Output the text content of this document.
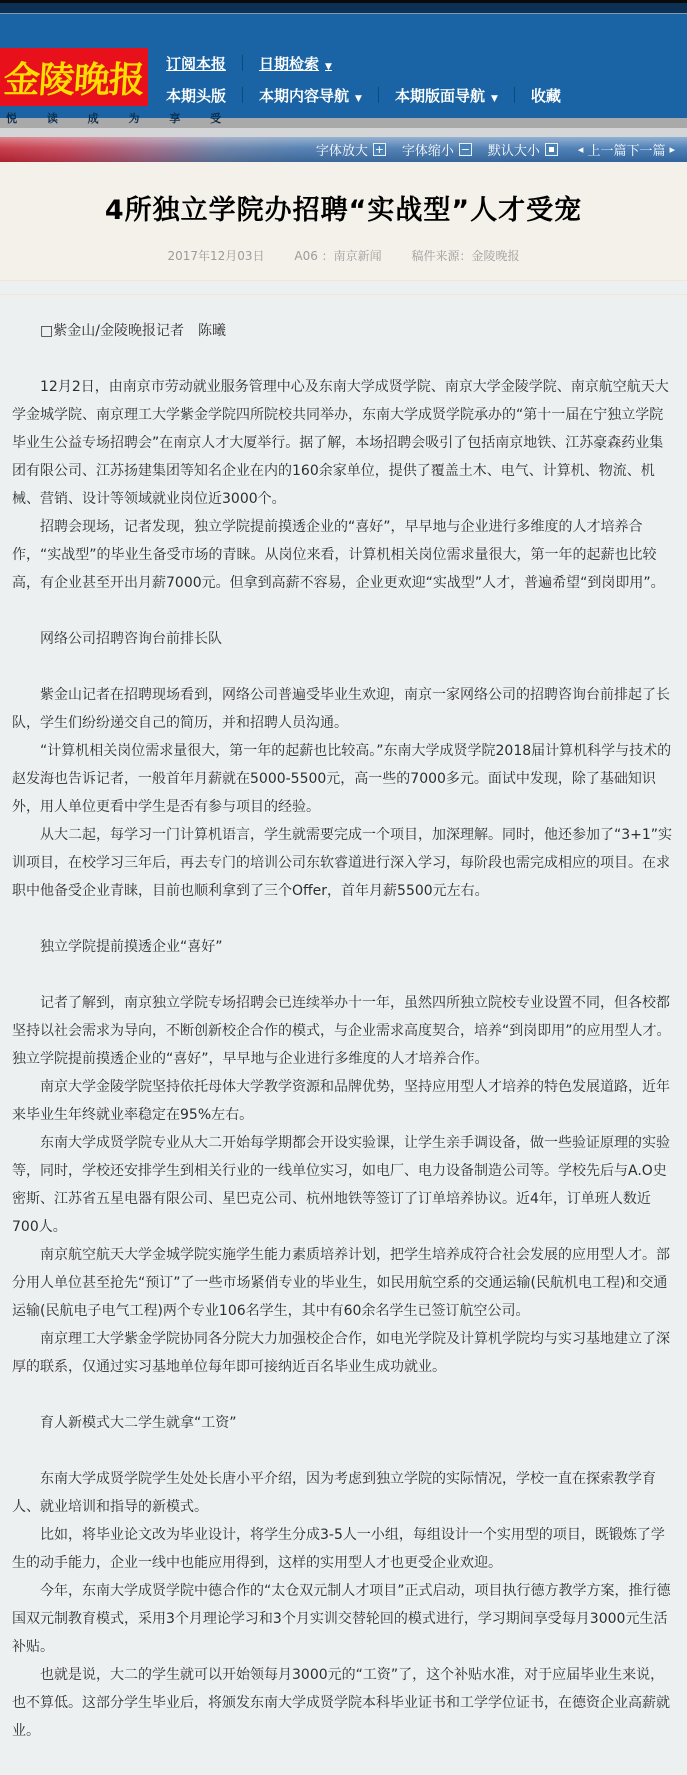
金陵晚报
悦 读 成 为 享 受
订阅本报 日期检索 ▼
本期头版 本期内容导航 ▼ 本期版面导航 ▼ 收藏
字体放大 + 字体缩小 − 默认大小	◂ 上一篇 下一篇 ▸
4所独立学院办招聘“实战型”人才受宠
2017年12月03日 A06 ：南京新闻 稿件来源：金陵晚报

□紫金山/金陵晚报记者　陈曦

12月2日，由南京市劳动就业服务管理中心及东南大学成贤学院、南京大学金陵学院、南京航空航天大学金城学院、南京理工大学紫金学院四所院校共同举办，东南大学成贤学院承办的“第十一届在宁独立学院毕业生公益专场招聘会”在南京人才大厦举行。据了解，本场招聘会吸引了包括南京地铁、江苏豪森药业集团有限公司、江苏扬建集团等知名企业在内的160余家单位，提供了覆盖土木、电气、计算机、物流、机械、营销、设计等领域就业岗位近3000个。

招聘会现场，记者发现，独立学院提前摸透企业的“喜好”，早早地与企业进行多维度的人才培养合作，“实战型”的毕业生备受市场的青睐。从岗位来看，计算机相关岗位需求量很大，第一年的起薪也比较高，有企业甚至开出月薪7000元。但拿到高薪不容易，企业更欢迎“实战型”人才，普遍希望“到岗即用”。

网络公司招聘咨询台前排长队

紫金山记者在招聘现场看到，网络公司普遍受毕业生欢迎，南京一家网络公司的招聘咨询台前排起了长队，学生们纷纷递交自己的简历，并和招聘人员沟通。

“计算机相关岗位需求量很大，第一年的起薪也比较高。”东南大学成贤学院2018届计算机科学与技术的赵发海也告诉记者，一般首年月薪就在5000-5500元，高一些的7000多元。面试中发现，除了基础知识外，用人单位更看中学生是否有参与项目的经验。

从大二起，每学习一门计算机语言，学生就需要完成一个项目，加深理解。同时，他还参加了“3+1”实训项目，在校学习三年后，再去专门的培训公司东软睿道进行深入学习，每阶段也需完成相应的项目。在求职中他备受企业青睐，目前也顺利拿到了三个Offer，首年月薪5500元左右。

独立学院提前摸透企业“喜好”

记者了解到，南京独立学院专场招聘会已连续举办十一年，虽然四所独立院校专业设置不同，但各校都坚持以社会需求为导向，不断创新校企合作的模式，与企业需求高度契合，培养“到岗即用”的应用型人才。独立学院提前摸透企业的“喜好”，早早地与企业进行多维度的人才培养合作。

南京大学金陵学院坚持依托母体大学教学资源和品牌优势，坚持应用型人才培养的特色发展道路，近年来毕业生年终就业率稳定在95%左右。

东南大学成贤学院专业从大二开始每学期都会开设实验课，让学生亲手调设备，做一些验证原理的实验等，同时，学校还安排学生到相关行业的一线单位实习，如电厂、电力设备制造公司等。学校先后与A.O史密斯、江苏省五星电器有限公司、星巴克公司、杭州地铁等签订了订单培养协议。近4年，订单班人数近700人。

南京航空航天大学金城学院实施学生能力素质培养计划，把学生培养成符合社会发展的应用型人才。部分用人单位甚至抢先“预订”了一些市场紧俏专业的毕业生，如民用航空系的交通运输(民航机电工程)和交通运输(民航电子电气工程)两个专业106名学生，其中有60余名学生已签订航空公司。

南京理工大学紫金学院协同各分院大力加强校企合作，如电光学院及计算机学院均与实习基地建立了深厚的联系，仅通过实习基地单位每年即可接纳近百名毕业生成功就业。

育人新模式大二学生就拿“工资”

东南大学成贤学院学生处处长唐小平介绍，因为考虑到独立学院的实际情况，学校一直在探索教学育人、就业培训和指导的新模式。

比如，将毕业论文改为毕业设计，将学生分成3-5人一小组，每组设计一个实用型的项目，既锻炼了学生的动手能力，企业一线中也能应用得到，这样的实用型人才也更受企业欢迎。

今年，东南大学成贤学院中德合作的“太仓双元制人才项目”正式启动，项目执行德方教学方案，推行德国双元制教育模式，采用3个月理论学习和3个月实训交替轮回的模式进行，学习期间享受每月3000元生活补贴。

也就是说，大二的学生就可以开始领每月3000元的“工资”了，这个补贴水准，对于应届毕业生来说，也不算低。这部分学生毕业后，将颁发东南大学成贤学院本科毕业证书和工学学位证书，在德资企业高薪就业。
